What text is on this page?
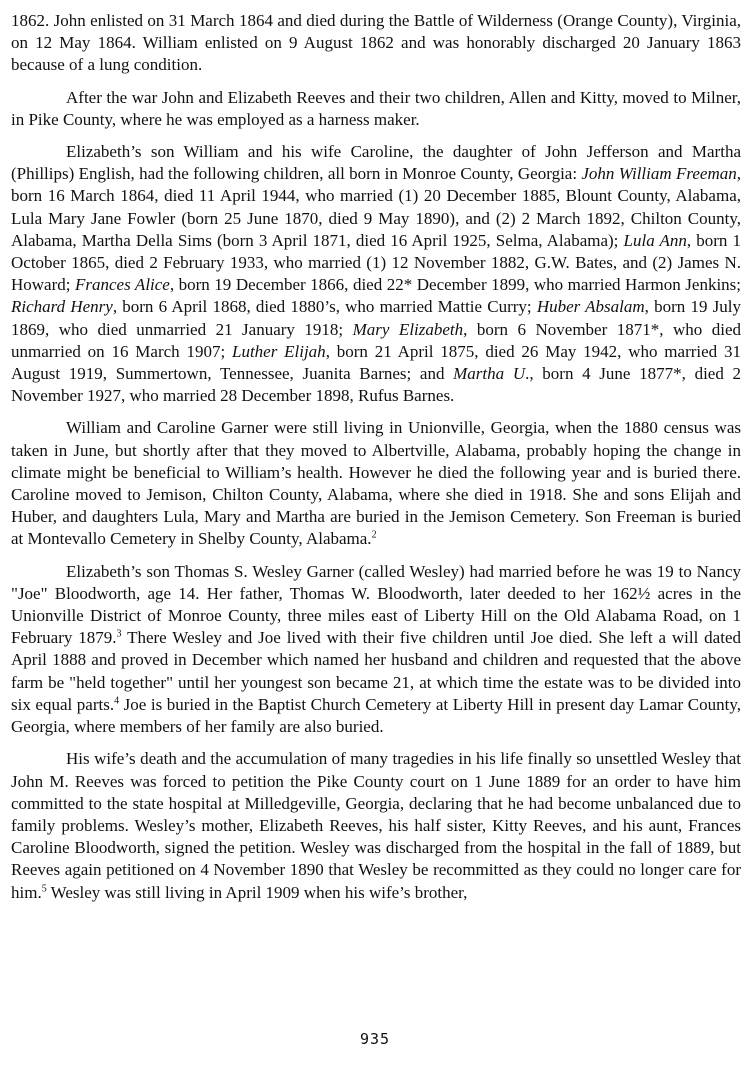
1862. John enlisted on 31 March 1864 and died during the Battle of Wilderness (Orange County), Virginia, on 12 May 1864. William enlisted on 9 August 1862 and was honorably discharged 20 January 1863 because of a lung condition.

After the war John and Elizabeth Reeves and their two children, Allen and Kitty, moved to Milner, in Pike County, where he was employed as a harness maker.

Elizabeth’s son William and his wife Caroline, the daughter of John Jefferson and Martha (Phillips) English, had the following children, all born in Monroe County, Georgia: John William Freeman, born 16 March 1864, died 11 April 1944, who married (1) 20 December 1885, Blount County, Alabama, Lula Mary Jane Fowler (born 25 June 1870, died 9 May 1890), and (2) 2 March 1892, Chilton County, Alabama, Martha Della Sims (born 3 April 1871, died 16 April 1925, Selma, Alabama); Lula Ann, born 1 October 1865, died 2 February 1933, who married (1) 12 November 1882, G.W. Bates, and (2) James N. Howard; Frances Alice, born 19 December 1866, died 22* December 1899, who married Harmon Jenkins; Richard Henry, born 6 April 1868, died 1880’s, who married Mattie Curry; Huber Absalam, born 19 July 1869, who died unmarried 21 January 1918; Mary Elizabeth, born 6 November 1871*, who died unmarried on 16 March 1907; Luther Elijah, born 21 April 1875, died 26 May 1942, who married 31 August 1919, Summertown, Tennessee, Juanita Barnes; and Martha U., born 4 June 1877*, died 2 November 1927, who married 28 December 1898, Rufus Barnes.

William and Caroline Garner were still living in Unionville, Georgia, when the 1880 census was taken in June, but shortly after that they moved to Albertville, Alabama, probably hoping the change in climate might be beneficial to William’s health. However he died the following year and is buried there. Caroline moved to Jemison, Chilton County, Alabama, where she died in 1918. She and sons Elijah and Huber, and daughters Lula, Mary and Martha are buried in the Jemison Cemetery. Son Freeman is buried at Montevallo Cemetery in Shelby County, Alabama.$^2$

Elizabeth’s son Thomas S. Wesley Garner (called Wesley) had married before he was 19 to Nancy "Joe" Bloodworth, age 14. Her father, Thomas W. Bloodworth, later deeded to her 162½ acres in the Unionville District of Monroe County, three miles east of Liberty Hill on the Old Alabama Road, on 1 February 1879.$^3$ There Wesley and Joe lived with their five children until Joe died. She left a will dated April 1888 and proved in December which named her husband and children and requested that the above farm be "held together" until her youngest son became 21, at which time the estate was to be divided into six equal parts.$^4$ Joe is buried in the Baptist Church Cemetery at Liberty Hill in present day Lamar County, Georgia, where members of her family are also buried.

His wife’s death and the accumulation of many tragedies in his life finally so unsettled Wesley that John M. Reeves was forced to petition the Pike County court on 1 June 1889 for an order to have him committed to the state hospital at Milledgeville, Georgia, declaring that he had become unbalanced due to family problems. Wesley’s mother, Elizabeth Reeves, his half sister, Kitty Reeves, and his aunt, Frances Caroline Bloodworth, signed the petition. Wesley was discharged from the hospital in the fall of 1889, but Reeves again petitioned on 4 November 1890 that Wesley be recommitted as they could no longer care for him.$^5$ Wesley was still living in April 1909 when his wife’s brother,

935
